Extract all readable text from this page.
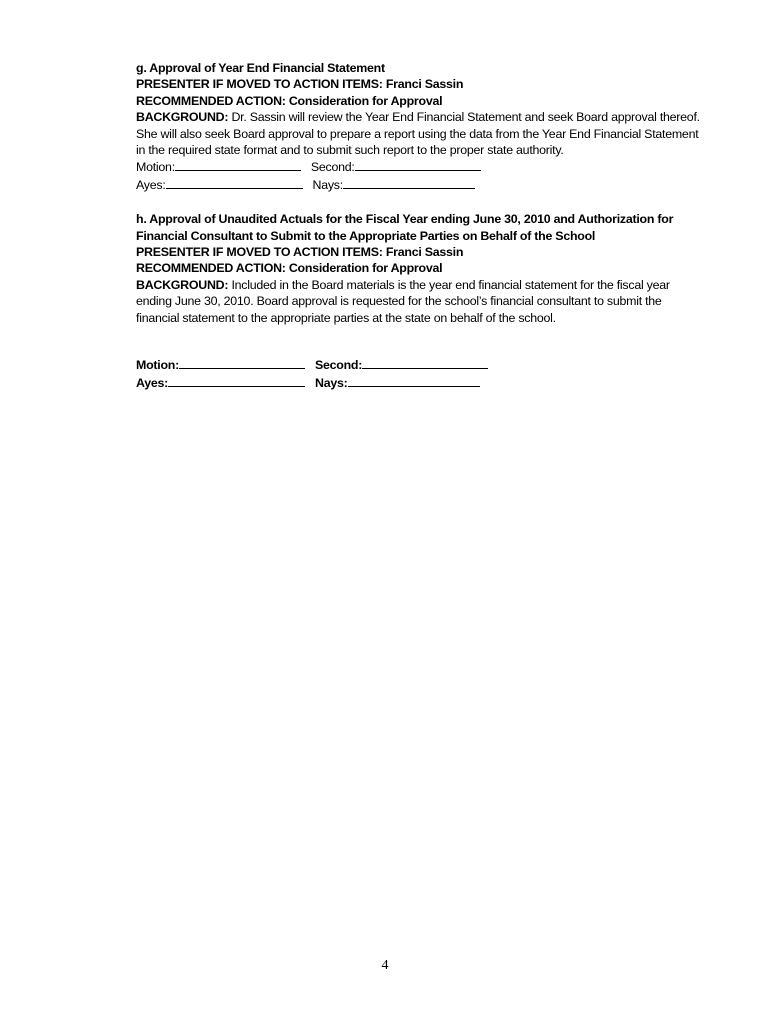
g. Approval of Year End Financial Statement
PRESENTER IF MOVED TO ACTION ITEMS: Franci Sassin
RECOMMENDED ACTION: Consideration for Approval
BACKGROUND: Dr. Sassin will review the Year End Financial Statement and seek Board approval thereof.
She will also seek Board approval to prepare a report using the data from the Year End Financial Statement
in the required state format and to submit such report to the proper state authority.
Motion:	Second:
Ayes:	Nays:
h. Approval of Unaudited Actuals for the Fiscal Year ending June 30, 2010 and Authorization for
Financial Consultant to Submit to the Appropriate Parties on Behalf of the School
PRESENTER IF MOVED TO ACTION ITEMS: Franci Sassin
RECOMMENDED ACTION: Consideration for Approval
BACKGROUND: Included in the Board materials is the year end financial statement for the fiscal year
ending June 30, 2010. Board approval is requested for the school’s financial consultant to submit the
financial statement to the appropriate parties at the state on behalf of the school.
Motion:	Second:
Ayes:	Nays:
4
